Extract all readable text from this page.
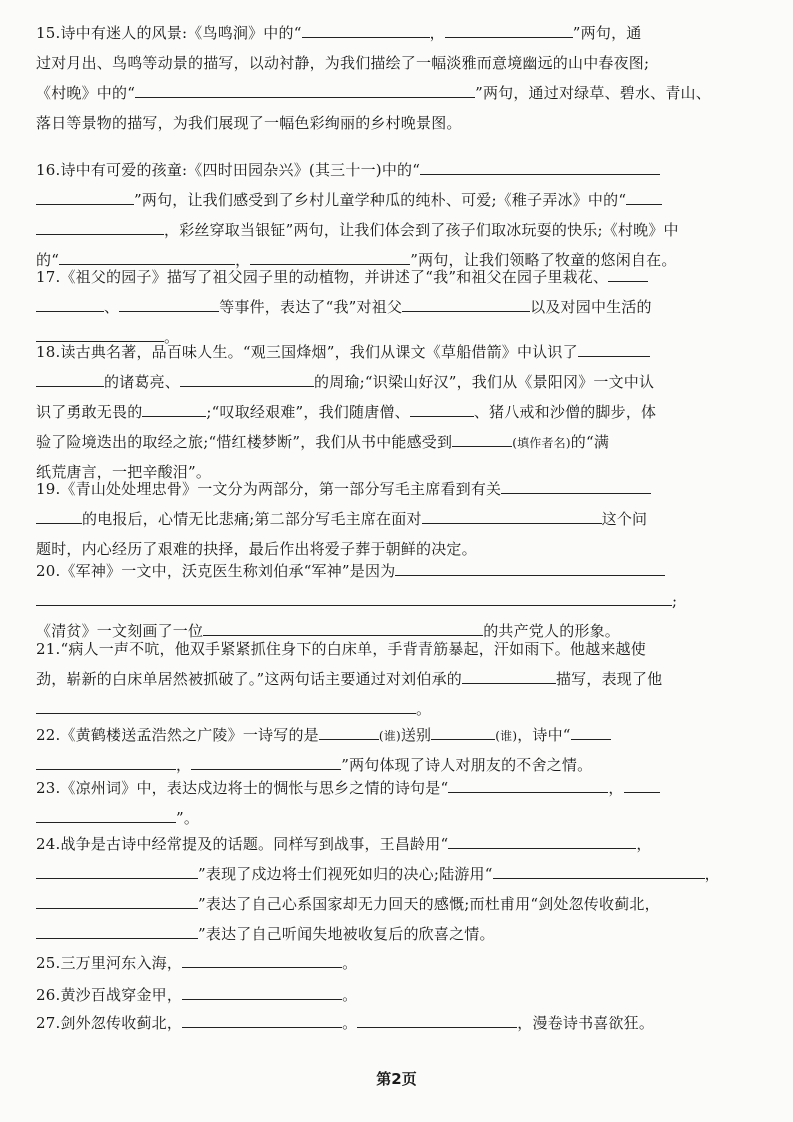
15.诗中有迷人的风景:《鸟鸣涧》中的“	，	”两句，通
过对月出、鸟鸣等动景的描写，以动衬静，为我们描绘了一幅淡雅而意境幽远的山中春夜图;
《村晚》中的“	”两句，通过对绿草、碧水、青山、
落日等景物的描写，为我们展现了一幅色彩绚丽的乡村晚景图。
16.诗中有可爱的孩童:《四时田园杂兴》(其三十一)中的“
”两句，让我们感受到了乡村儿童学种瓜的纯朴、可爱;《稚子弄冰》中的“
，彩丝穿取当银钲”两句，让我们体会到了孩子们取冰玩耍的快乐;《村晚》中
的“	，	”两句，让我们领略了牧童的悠闲自在。
17.《祖父的园子》描写了祖父园子里的动植物，并讲述了“我”和祖父在园子里栽花、
、	等事件，表达了“我”对祖父	以及对园中生活的
。
18.读古典名著，品百味人生。“观三国烽烟”，我们从课文《草船借箭》中认识了
的诸葛亮、	的周瑜;“识梁山好汉”，我们从《景阳冈》一文中认
识了勇敢无畏的	;“叹取经艰难”，我们随唐僧、	、猪八戒和沙僧的脚步，体
验了险境迭出的取经之旅;“惜红楼梦断”，我们从书中能感受到	(填作者名)的“满
纸荒唐言，一把辛酸泪”。
19.《青山处处埋忠骨》一文分为两部分，第一部分写毛主席看到有关
的电报后，心情无比悲痛;第二部分写毛主席在面对	这个问
题时，内心经历了艰难的抉择，最后作出将爱子葬于朝鲜的决定。
20.《军神》一文中，沃克医生称刘伯承“军神”是因为
;
《清贫》一文刻画了一位	的共产党人的形象。
21.“病人一声不吭，他双手紧紧抓住身下的白床单，手背青筋暴起，汗如雨下。他越来越使
劲，崭新的白床单居然被抓破了。”这两句话主要通过对刘伯承的	描写，表现了他
。
22.《黄鹤楼送孟浩然之广陵》一诗写的是	(谁)送别	(谁)，诗中“
，	”两句体现了诗人对朋友的不舍之情。
23.《凉州词》中，表达戍边将士的惆怅与思乡之情的诗句是“	，
”。
24.战争是古诗中经常提及的话题。同样写到战事，王昌龄用“	，
”表现了戍边将士们视死如归的决心;陆游用“	，
”表达了自己心系国家却无力回天的感慨;而杜甫用“剑处忽传收蓟北，
”表达了自己听闻失地被收复后的欣喜之情。
25.三万里河东入海，	。
26.黄沙百战穿金甲，	。
27.剑外忽传收蓟北，	。	，漫卷诗书喜欲狂。
第2页
